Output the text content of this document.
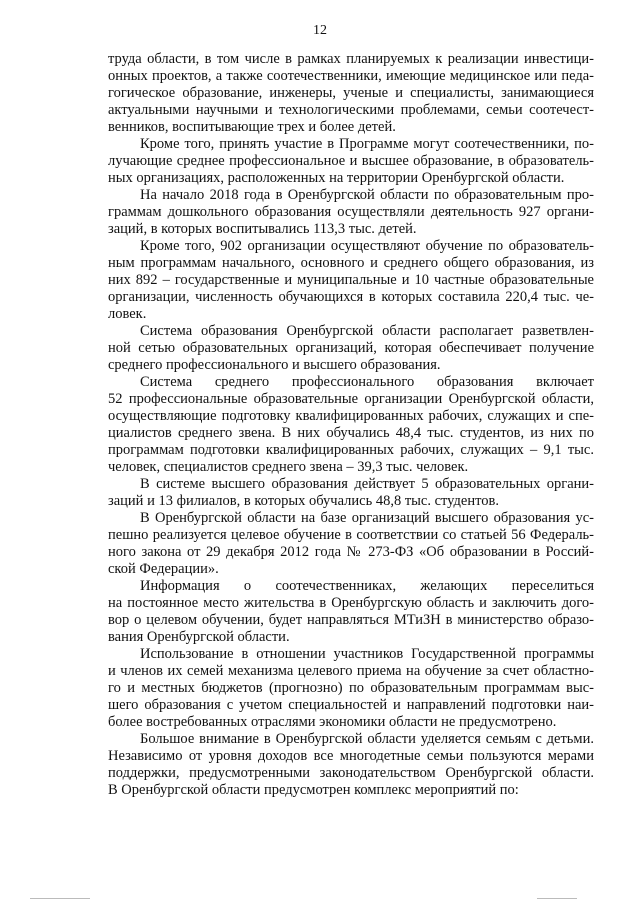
12
труда области, в том числе в рамках планируемых к реализации инвестици-
онных проектов, а также соотечественники, имеющие медицинское или педа-
гогическое образование, инженеры, ученые и специалисты, занимающиеся
актуальными научными и технологическими проблемами, семьи соотечест-
венников, воспитывающие трех и более детей.
Кроме того, принять участие в Программе могут соотечественники, по-
лучающие среднее профессиональное и высшее образование, в образователь-
ных организациях, расположенных на территории Оренбургской области.
На начало 2018 года в Оренбургской области по образовательным про-
граммам дошкольного образования осуществляли деятельность 927 органи-
заций, в которых воспитывались 113,3 тыс. детей.
Кроме того, 902 организации осуществляют обучение по образователь-
ным программам начального, основного и среднего общего образования, из
них 892 – государственные и муниципальные и 10 частные образовательные
организации, численность обучающихся в которых составила 220,4 тыс. че-
ловек.
Система образования Оренбургской области располагает разветвлен-
ной сетью образовательных организаций, которая обеспечивает получение
среднего профессионального и высшего образования.
Система среднего профессионального образования включает
52 профессиональные образовательные организации Оренбургской области,
осуществляющие подготовку квалифицированных рабочих, служащих и спе-
циалистов среднего звена. В них обучались 48,4 тыс. студентов, из них по
программам подготовки квалифицированных рабочих, служащих – 9,1 тыс.
человек, специалистов среднего звена – 39,3 тыс. человек.
В системе высшего образования действует 5 образовательных органи-
заций и 13 филиалов, в которых обучались 48,8 тыс. студентов.
В Оренбургской области на базе организаций высшего образования ус-
пешно реализуется целевое обучение в соответствии со статьей 56 Федераль-
ного закона от 29 декабря 2012 года № 273-ФЗ «Об образовании в Россий-
ской Федерации».
Информация о соотечественниках, желающих переселиться
на постоянное место жительства в Оренбургскую область и заключить дого-
вор о целевом обучении, будет направляться МТиЗН в министерство образо-
вания Оренбургской области.
Использование в отношении участников Государственной программы
и членов их семей механизма целевого приема на обучение за счет областно-
го и местных бюджетов (прогнозно) по образовательным программам выс-
шего образования с учетом специальностей и направлений подготовки наи-
более востребованных отраслями экономики области не предусмотрено.
Большое внимание в Оренбургской области уделяется семьям с детьми.
Независимо от уровня доходов все многодетные семьи пользуются мерами
поддержки, предусмотренными законодательством Оренбургской области.
В Оренбургской области предусмотрен комплекс мероприятий по:
